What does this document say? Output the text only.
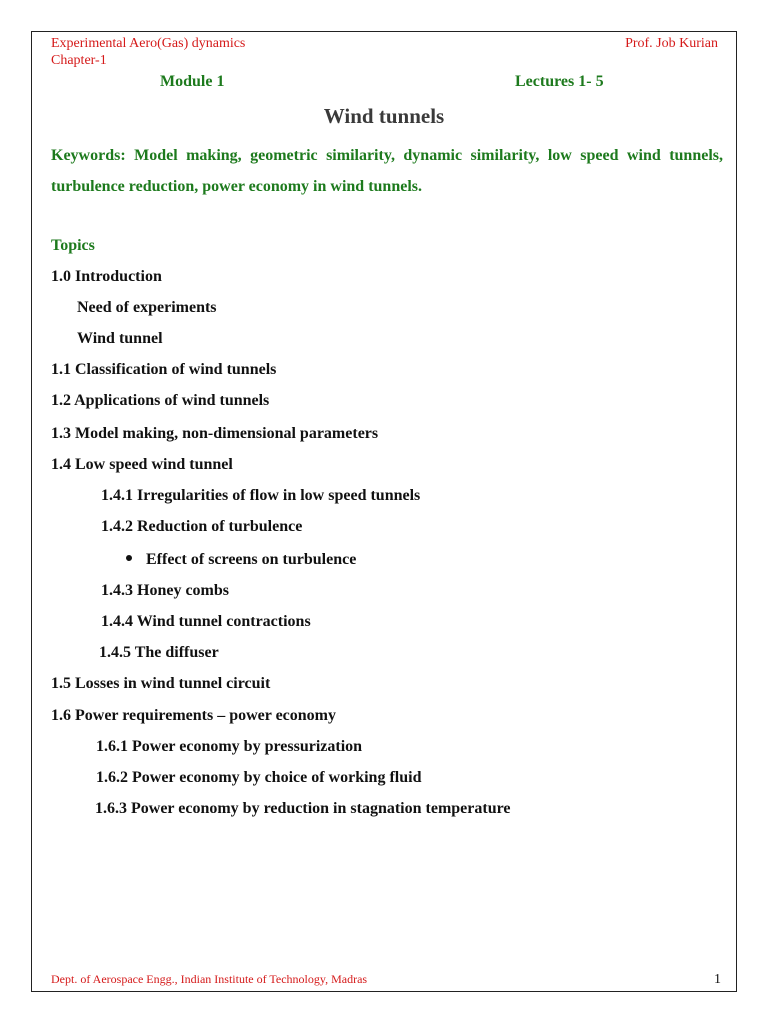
Experimental Aero(Gas) dynamics
Chapter-1
Prof. Job Kurian
Module 1	Lectures 1- 5
Wind tunnels
Keywords: Model making, geometric similarity, dynamic similarity, low speed wind tunnels, turbulence reduction, power economy in wind tunnels.
Topics
1.0 Introduction
Need of experiments
Wind tunnel
1.1 Classification of wind tunnels
1.2 Applications of wind tunnels
1.3 Model making, non-dimensional parameters
1.4 Low speed wind tunnel
1.4.1 Irregularities of flow in low speed tunnels
1.4.2 Reduction of turbulence
Effect of screens on turbulence
1.4.3 Honey combs
1.4.4 Wind tunnel contractions
1.4.5 The diffuser
1.5 Losses in wind tunnel circuit
1.6 Power requirements – power economy
1.6.1 Power economy by pressurization
1.6.2 Power economy by choice of working fluid
1.6.3 Power economy by reduction in stagnation temperature
Dept. of Aerospace Engg., Indian Institute of Technology, Madras	1
